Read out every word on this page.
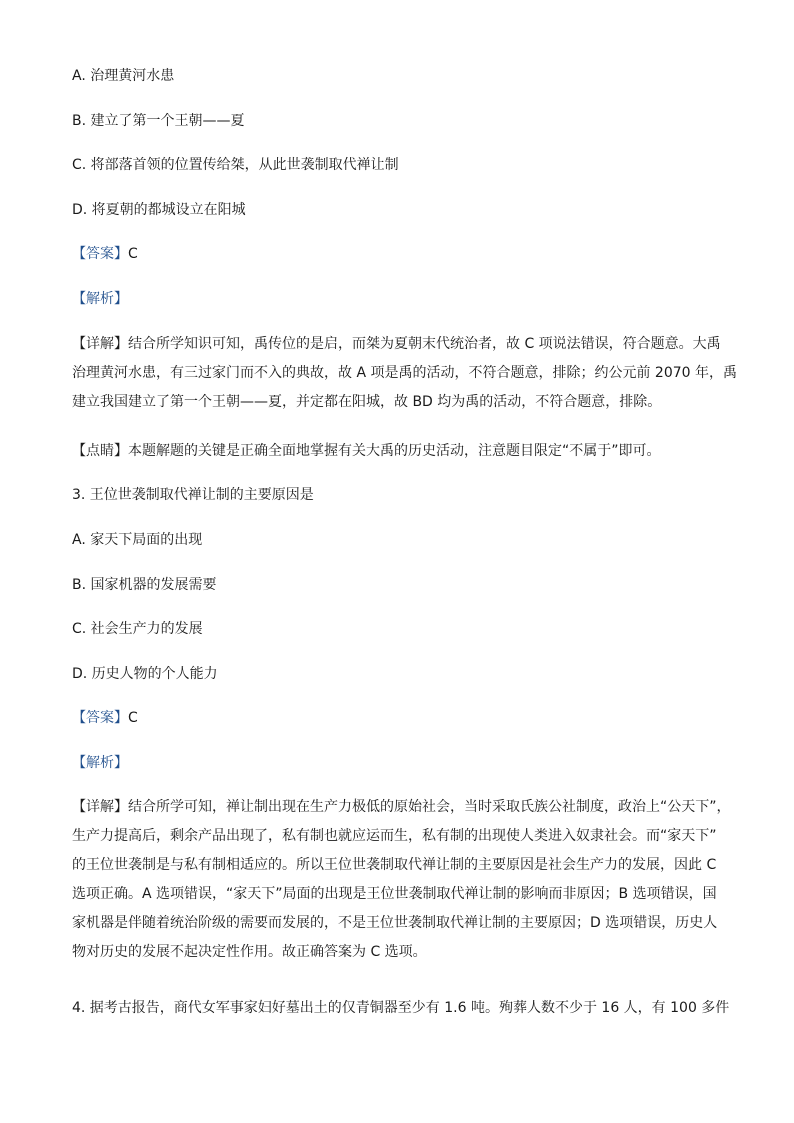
A. 治理黄河水患
B. 建立了第一个王朝——夏
C. 将部落首领的位置传给桀，从此世袭制取代禅让制
D. 将夏朝的都城设立在阳城
【答案】C
【解析】
【详解】结合所学知识可知，禹传位的是启，而桀为夏朝末代统治者，故 C 项说法错误，符合题意。大禹
治理黄河水患，有三过家门而不入的典故，故 A 项是禹的活动，不符合题意，排除；约公元前 2070 年，禹
建立我国建立了第一个王朝——夏，并定都在阳城，故 BD 均为禹的活动，不符合题意，排除。
【点睛】本题解题的关键是正确全面地掌握有关大禹的历史活动，注意题目限定“不属于”即可。
3. 王位世袭制取代禅让制的主要原因是
A. 家天下局面的出现
B. 国家机器的发展需要
C. 社会生产力的发展
D. 历史人物的个人能力
【答案】C
【解析】
【详解】结合所学可知，禅让制出现在生产力极低的原始社会，当时采取氏族公社制度，政治上“公天下”，
生产力提高后，剩余产品出现了，私有制也就应运而生，私有制的出现使人类进入奴隶社会。而“家天下”
的王位世袭制是与私有制相适应的。所以王位世袭制取代禅让制的主要原因是社会生产力的发展，因此 C
选项正确。A 选项错误，“家天下”局面的出现是王位世袭制取代禅让制的影响而非原因；B 选项错误，国
家机器是伴随着统治阶级的需要而发展的，不是王位世袭制取代禅让制的主要原因；D 选项错误，历史人
物对历史的发展不起决定性作用。故正确答案为 C 选项。
4. 据考古报告，商代女军事家妇好墓出土的仅青铜器至少有 1.6 吨。殉葬人数不少于 16 人，有 100 多件
